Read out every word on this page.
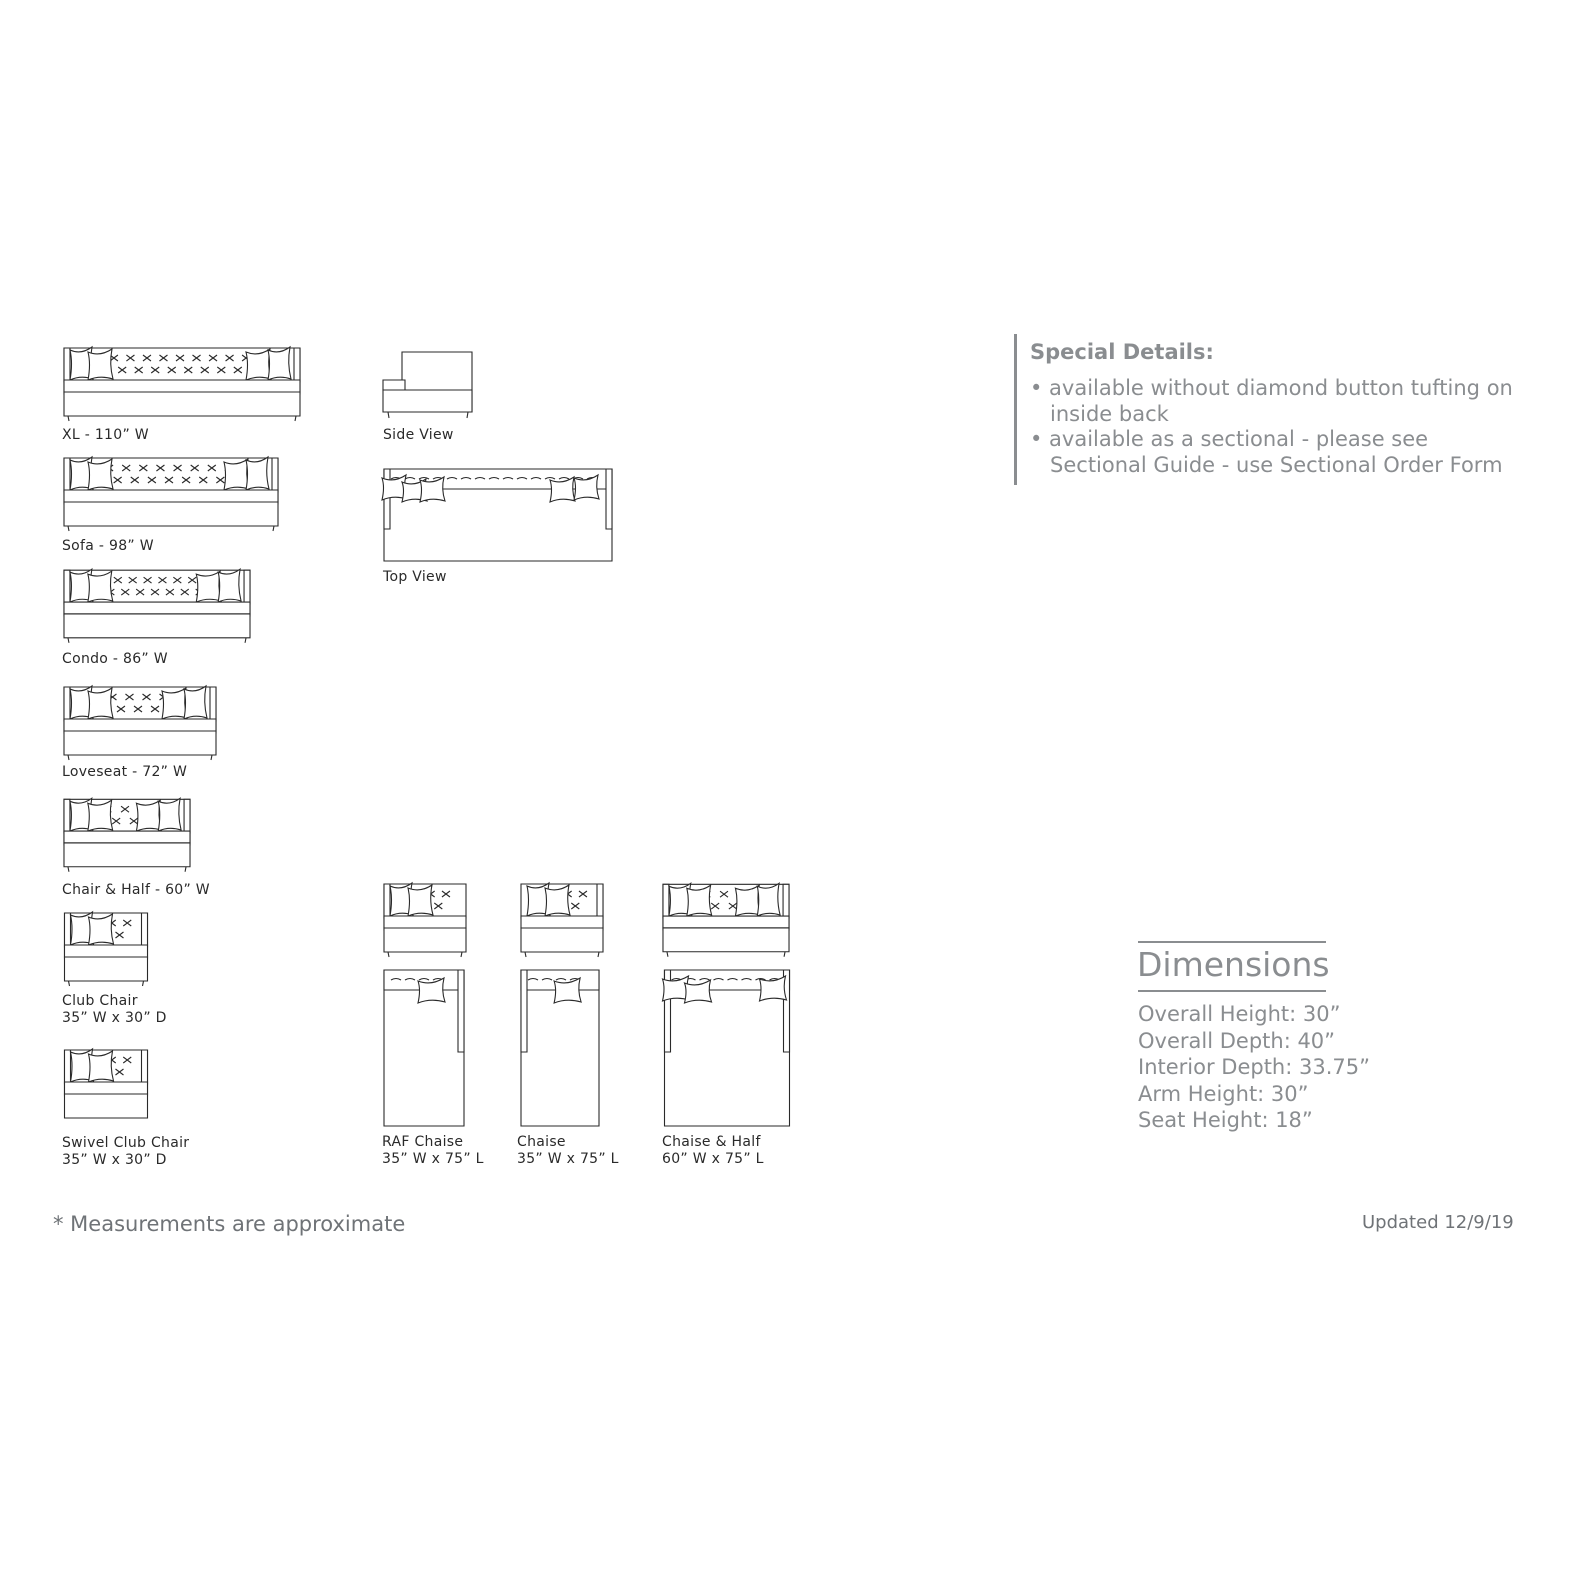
XL - 110” W
Sofa - 98” W
Condo - 86” W
Loveseat - 72” W
Chair & Half - 60” W
Club Chair
35” W x 30” D
Swivel Club Chair
35” W x 30” D
Side View
Top View
RAF Chaise
35” W x 75” L
Chaise
35” W x 75” L
Chaise & Half
60” W x 75” L
Special Details:
• available without diamond button tufting on
inside back
• available as a sectional - please see
Sectional Guide - use Sectional Order Form
Dimensions
Overall Height: 30”
Overall Depth: 40”
Interior Depth: 33.75”
Arm Height: 30”
Seat Height: 18”
* Measurements are approximate	Updated 12/9/19
